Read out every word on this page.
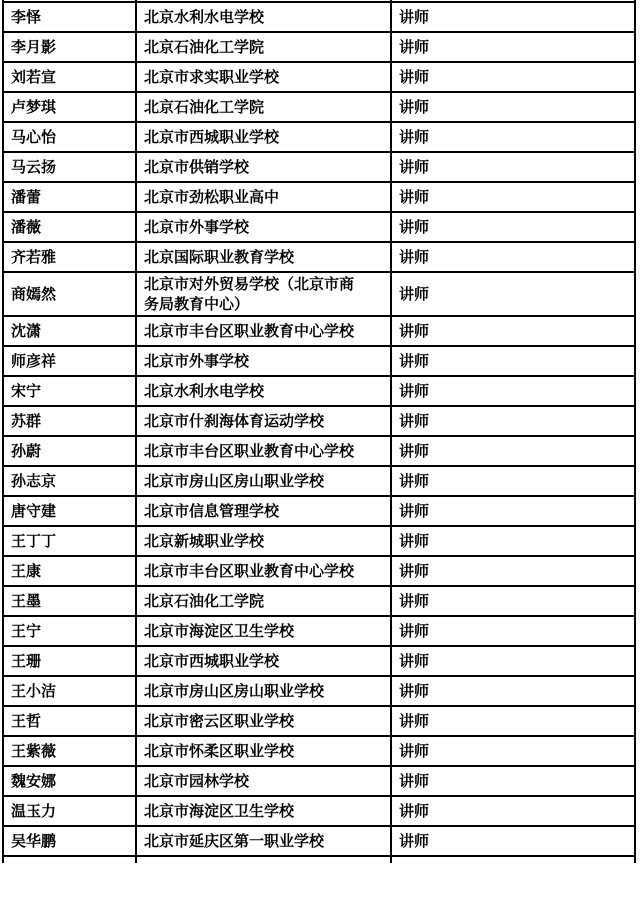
李怿	北京水利水电学校	讲师
李月影	北京石油化工学院	讲师
刘若宣	北京市求实职业学校	讲师
卢梦琪	北京石油化工学院	讲师
马心怡	北京市西城职业学校	讲师
马云扬	北京市供销学校	讲师
潘蕾	北京市劲松职业高中	讲师
潘薇	北京市外事学校	讲师
齐若雅	北京国际职业教育学校	讲师
商嫣然	北京市对外贸易学校（北京市商务局教育中心）	讲师
沈潇	北京市丰台区职业教育中心学校	讲师
师彦祥	北京市外事学校	讲师
宋宁	北京水利水电学校	讲师
苏群	北京市什刹海体育运动学校	讲师
孙蔚	北京市丰台区职业教育中心学校	讲师
孙志京	北京市房山区房山职业学校	讲师
唐守建	北京市信息管理学校	讲师
王丁丁	北京新城职业学校	讲师
王康	北京市丰台区职业教育中心学校	讲师
王墨	北京石油化工学院	讲师
王宁	北京市海淀区卫生学校	讲师
王珊	北京市西城职业学校	讲师
王小洁	北京市房山区房山职业学校	讲师
王哲	北京市密云区职业学校	讲师
王紫薇	北京市怀柔区职业学校	讲师
魏安娜	北京市园林学校	讲师
温玉力	北京市海淀区卫生学校	讲师
吴华鹏	北京市延庆区第一职业学校	讲师
